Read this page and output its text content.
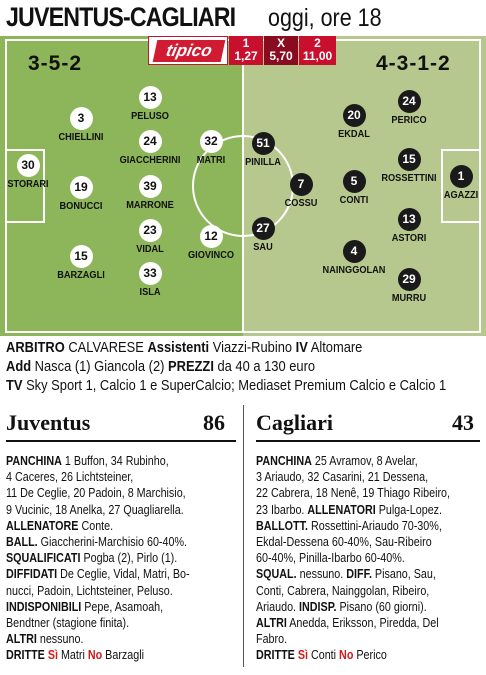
JUVENTUS-CAGLIARI oggi, ore 18
3-5-2	4-3-1-2
30
STORARI
3
CHIELLINI
19
BONUCCI
15
BARZAGLI
13
PELUSO
24
GIACCHERINI
39
MARRONE
23
VIDAL
33
ISLA
32
MATRI
12
GIOVINCO
51
PINILLA
27
SAU
7
COSSU
20
EKDAL
5
CONTI
4
NAINGGOLAN
24
PERICO
15
ROSSETTINI
13
ASTORI
29
MURRU
1
AGAZZI
tipico	1
1,27
X
5,70
2
11,00
ARBITRO CALVARESE Assistenti Viazzi-Rubino IV Altomare
Add Nasca (1) Giancola (2) PREZZI da 40 a 130 euro
TV Sky Sport 1, Calcio 1 e SuperCalcio; Mediaset Premium Calcio e Calcio 1
Juventus	86 Cagliari	43

PANCHINA 1 Buffon, 34 Rubinho,

4 Caceres, 26 Lichtsteiner,

11 De Ceglie, 20 Padoin, 8 Marchisio,

9 Vucinic, 18 Anelka, 27 Quagliarella.

ALLENATORE Conte.

BALL. Giaccherini-Marchisio 60-40%.

SQUALIFICATI Pogba (2), Pirlo (1).

DIFFIDATI De Ceglie, Vidal, Matri, Bo-

nucci, Padoin, Lichtsteiner, Peluso.

INDISPONIBILI Pepe, Asamoah,

Bendtner (stagione finita).

ALTRI nessuno.

DRITTE Sì Matri No Barzagli

PANCHINA 25 Avramov, 8 Avelar,

3 Ariaudo, 32 Casarini, 21 Dessena,

22 Cabrera, 18 Nenê, 19 Thiago Ribeiro,

23 Ibarbo. ALLENATORI Pulga-Lopez.

BALLOTT. Rossettini-Ariaudo 70-30%,

Ekdal-Dessena 60-40%, Sau-Ribeiro

60-40%, Pinilla-Ibarbo 60-40%.

SQUAL. nessuno. DIFF. Pisano, Sau,

Conti, Cabrera, Nainggolan, Ribeiro,

Ariaudo. INDISP. Pisano (60 giorni).

ALTRI Anedda, Eriksson, Piredda, Del

Fabro.

DRITTE Sì Conti No Perico
